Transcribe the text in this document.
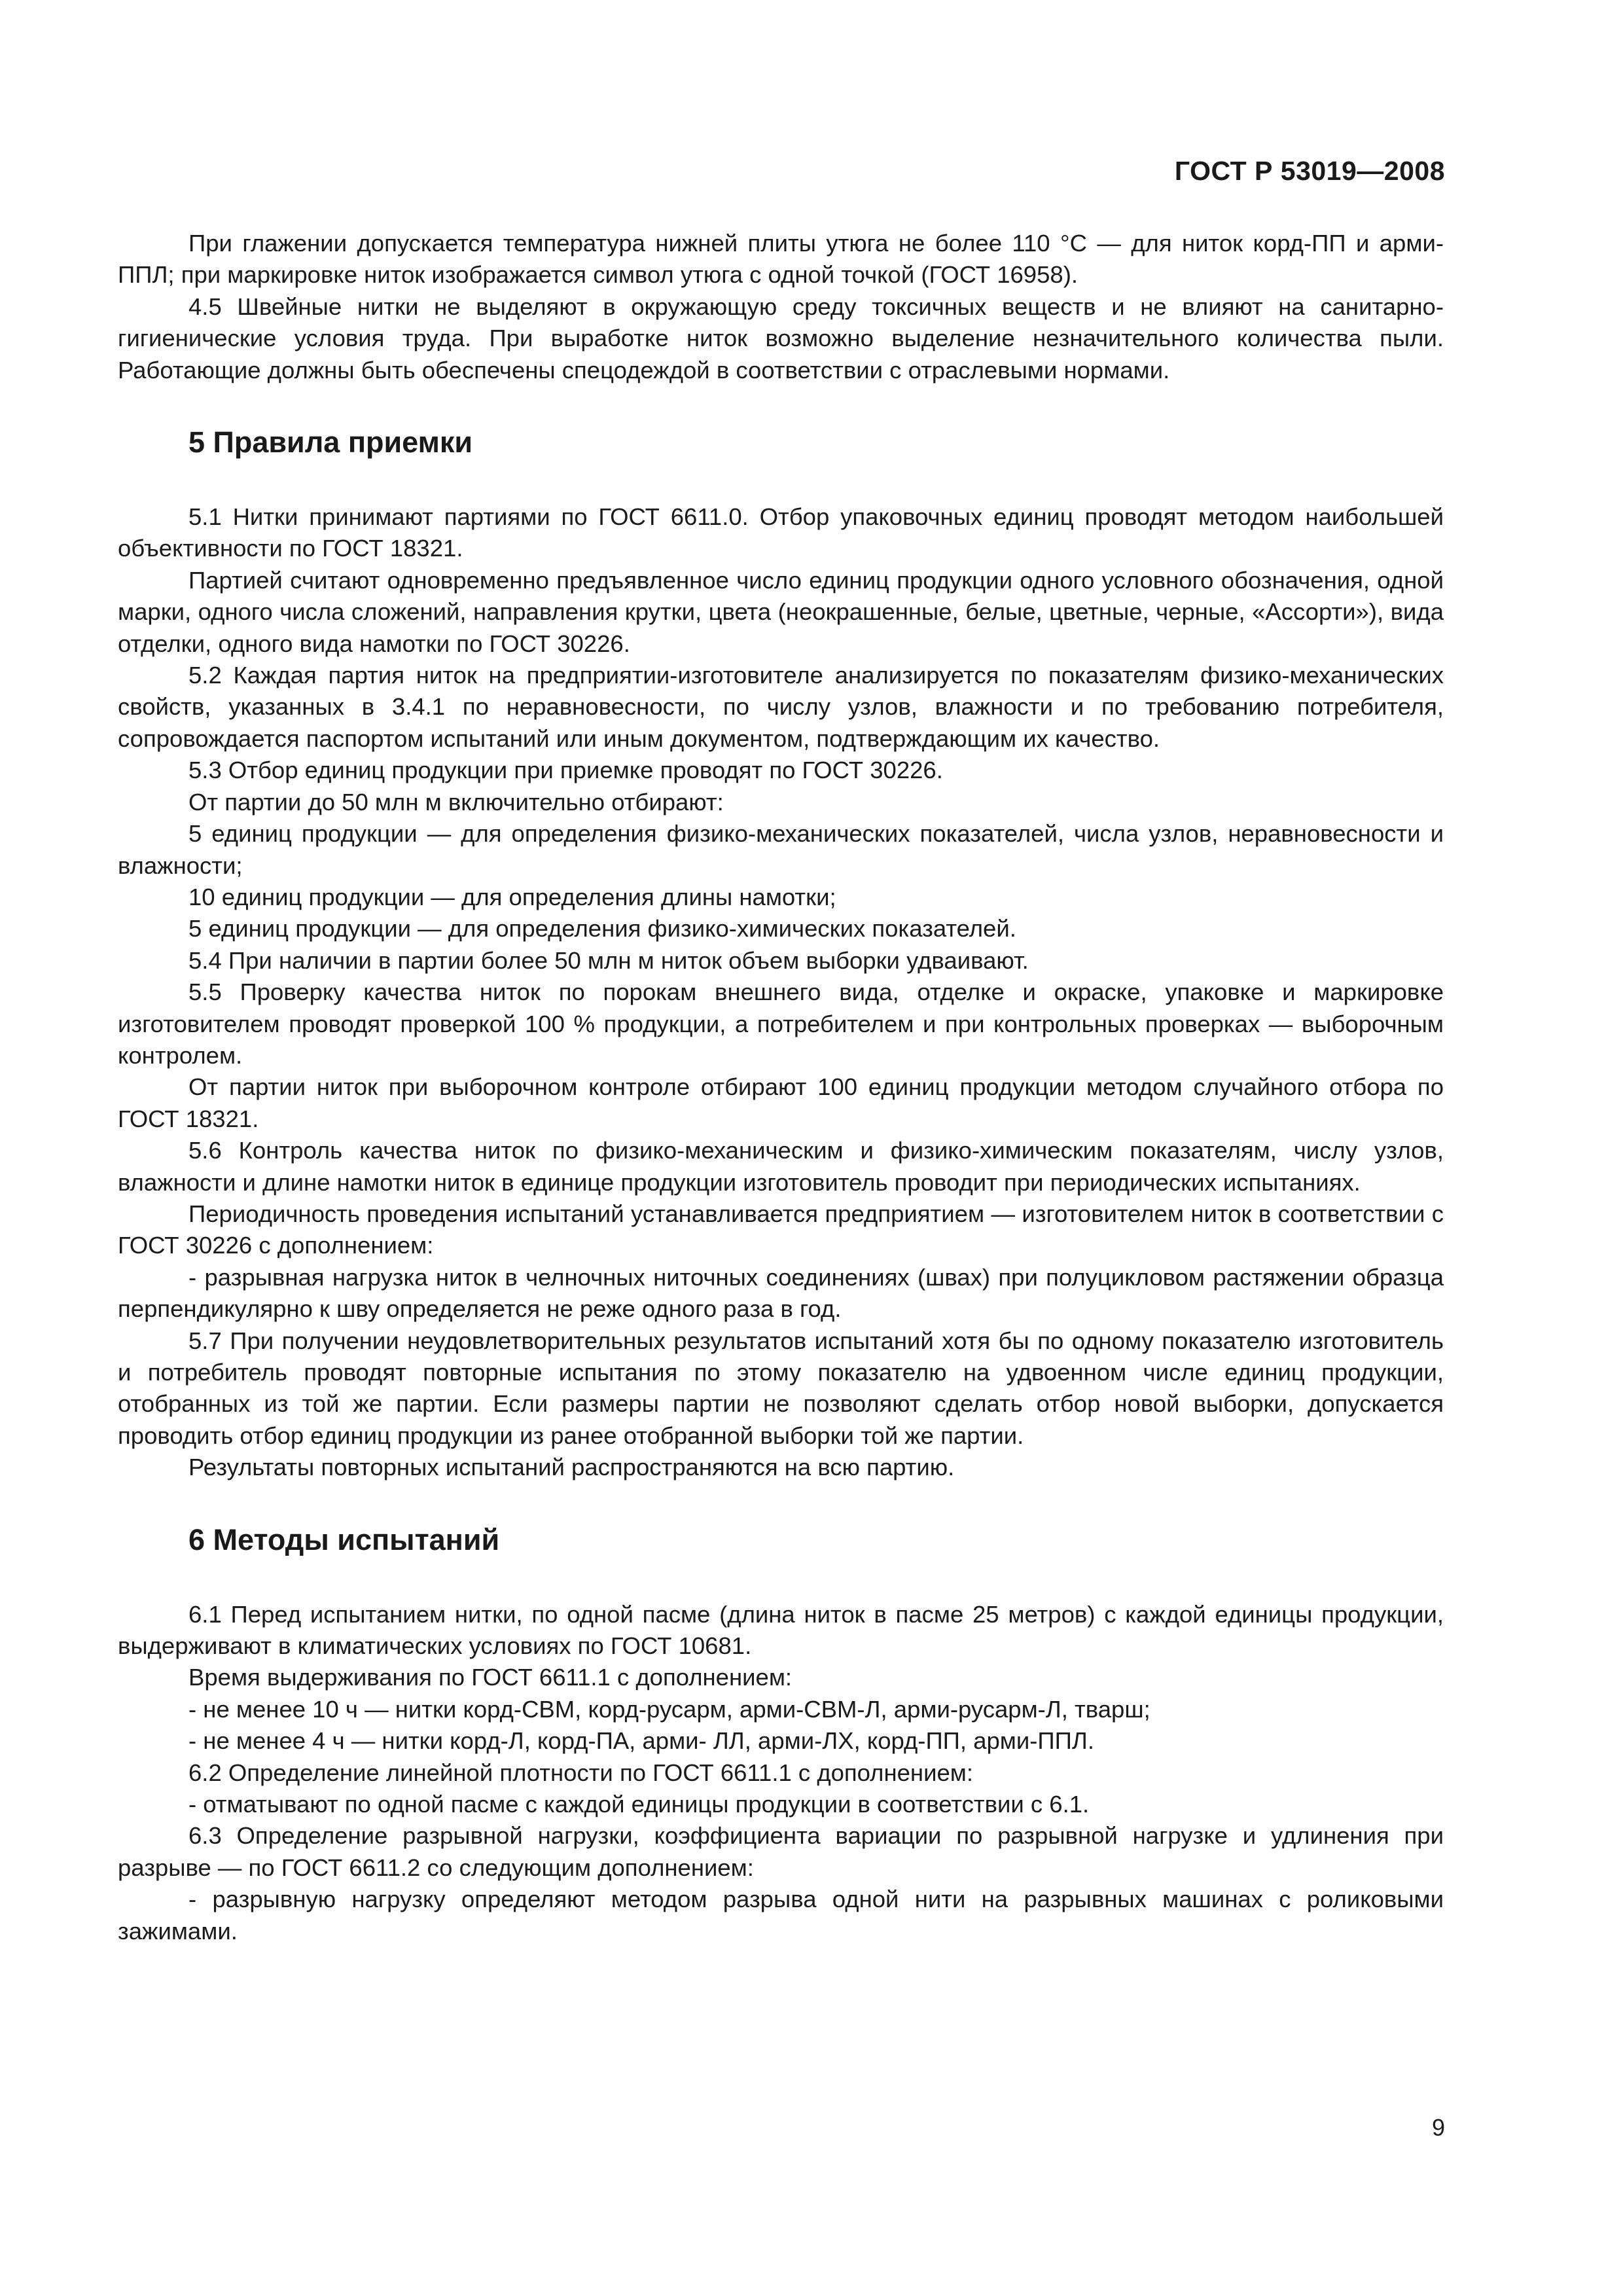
ГОСТ Р 53019—2008

При глажении допускается температура нижней плиты утюга не более 110 °С — для ниток корд-ПП и арми-ППЛ; при маркировке ниток изображается символ утюга с одной точкой (ГОСТ 16958).

4.5 Швейные нитки не выделяют в окружающую среду токсичных веществ и не влияют на санитарно-гигиенические условия труда. При выработке ниток возможно выделение незначительного количества пыли. Работающие должны быть обеспечены спецодеждой в соответствии с отраслевыми нормами.

5 Правила приемки

5.1 Нитки принимают партиями по ГОСТ 6611.0. Отбор упаковочных единиц проводят методом наибольшей объективности по ГОСТ 18321.

Партией считают одновременно предъявленное число единиц продукции одного условного обозначения, одной марки, одного числа сложений, направления крутки, цвета (неокрашенные, белые, цветные, черные, «Ассорти»), вида отделки, одного вида намотки по ГОСТ 30226.

5.2 Каждая партия ниток на предприятии-изготовителе анализируется по показателям физико-механических свойств, указанных в 3.4.1 по неравновесности, по числу узлов, влажности и по требованию потребителя, сопровождается паспортом испытаний или иным документом, подтверждающим их качество.

5.3 Отбор единиц продукции при приемке проводят по ГОСТ 30226.

От партии до 50 млн м включительно отбирают:

5 единиц продукции — для определения физико-механических показателей, числа узлов, неравновесности и влажности;

10 единиц продукции — для определения длины намотки;

5 единиц продукции — для определения физико-химических показателей.

5.4 При наличии в партии более 50 млн м ниток объем выборки удваивают.

5.5 Проверку качества ниток по порокам внешнего вида, отделке и окраске, упаковке и маркировке изготовителем проводят проверкой 100 % продукции, а потребителем и при контрольных проверках — выборочным контролем.

От партии ниток при выборочном контроле отбирают 100 единиц продукции методом случайного отбора по ГОСТ 18321.

5.6 Контроль качества ниток по физико-механическим и физико-химическим показателям, числу узлов, влажности и длине намотки ниток в единице продукции изготовитель проводит при периодических испытаниях.

Периодичность проведения испытаний устанавливается предприятием — изготовителем ниток в соответствии с ГОСТ 30226 с дополнением:

- разрывная нагрузка ниток в челночных ниточных соединениях (швах) при полуцикловом растяжении образца перпендикулярно к шву определяется не реже одного раза в год.

5.7 При получении неудовлетворительных результатов испытаний хотя бы по одному показателю изготовитель и потребитель проводят повторные испытания по этому показателю на удвоенном числе единиц продукции, отобранных из той же партии. Если размеры партии не позволяют сделать отбор новой выборки, допускается проводить отбор единиц продукции из ранее отобранной выборки той же партии.

Результаты повторных испытаний распространяются на всю партию.

6 Методы испытаний

6.1 Перед испытанием нитки, по одной пасме (длина ниток в пасме 25 метров) с каждой единицы продукции, выдерживают в климатических условиях по ГОСТ 10681.

Время выдерживания по ГОСТ 6611.1 с дополнением:

- не менее 10 ч — нитки корд-СВМ, корд-русарм, арми-СВМ-Л, арми-русарм-Л, тварш;

- не менее 4 ч — нитки корд-Л, корд-ПА, арми- ЛЛ, арми-ЛХ, корд-ПП, арми-ППЛ.

6.2 Определение линейной плотности по ГОСТ 6611.1 с дополнением:

- отматывают по одной пасме с каждой единицы продукции в соответствии с 6.1.

6.3 Определение разрывной нагрузки, коэффициента вариации по разрывной нагрузке и удлинения при разрыве — по ГОСТ 6611.2 со следующим дополнением:

- разрывную нагрузку определяют методом разрыва одной нити на разрывных машинах с роликовыми зажимами.

9
